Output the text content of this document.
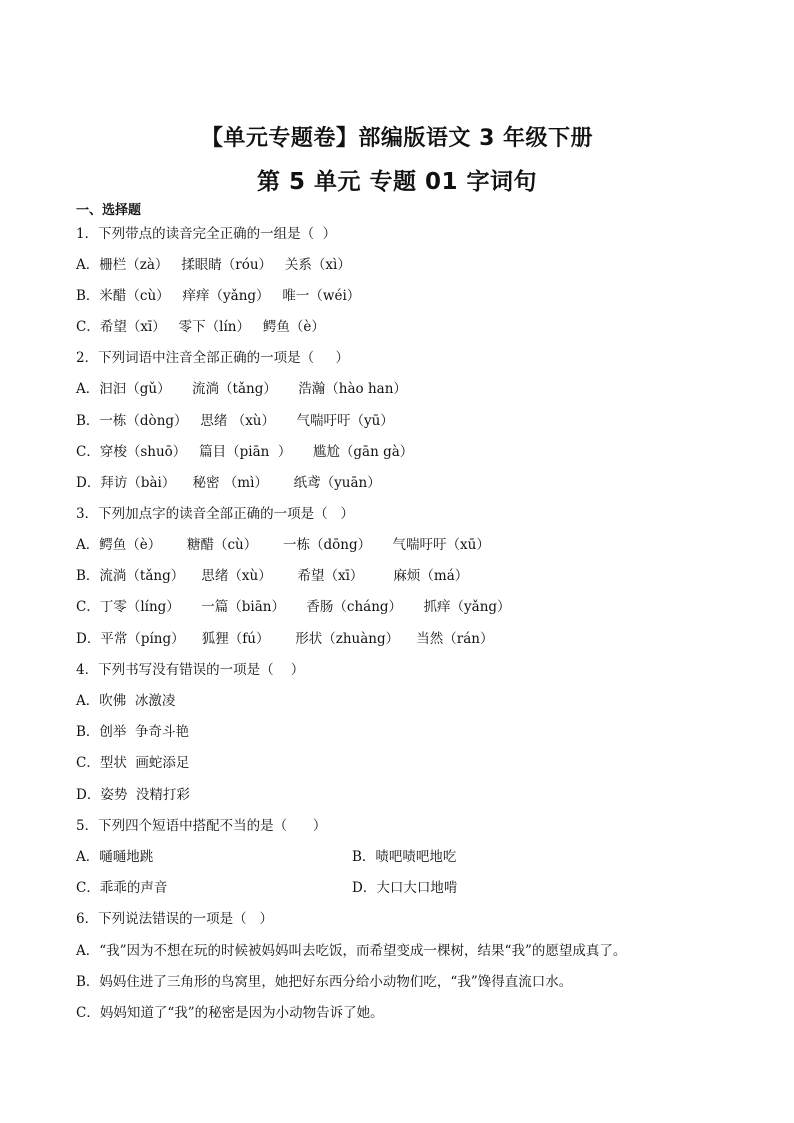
【单元专题卷】部编版语文 3 年级下册
第 5 单元 专题 01 字词句
一、选择题
1．下列带点的读音完全正确的一组是（  ）
A．栅栏（zà）   揉眼睛（róu）   关系（xì）
B．米醋（cù）   痒痒（yǎng）   唯一（wéi）
C．希望（xī）   零下（lín）   鳄鱼（è）
2．下列词语中注音全部正确的一项是（     ）
A．汩汩（gǔ）     流淌（tǎng）     浩瀚（hào han）
B．一栋（dòng）   思绪 （xù）     气喘吁吁（yū）
C．穿梭（shuō）   篇目（piān  ）     尴尬（gān gà）
D．拜访（bài）    秘密 （mì）      纸鸢（yuān）
3．下列加点字的读音全部正确的一项是（   ）
A．鳄鱼（è）      糖醋（cù）      一栋（dōng）     气喘吁吁（xū）
B．流淌（tǎng）    思绪（xù）      希望（xī）       麻烦（má）
C．丁零（líng）     一篇（biān）     香肠（cháng）     抓痒（yǎng）
D．平常（píng）    狐狸（fú）      形状（zhuàng）    当然（rán）
4．下列书写没有错误的一项是（    ）
A．吹佛  冰激凌
B．创举  争奇斗艳
C．型状  画蛇添足
D．姿势  没精打彩
5．下列四个短语中搭配不当的是（      ）
A．嗵嗵地跳	B．啧吧啧吧地吃
C．乖乖的声音	D．大口大口地啃
6．下列说法错误的一项是（   ）
A．“我”因为不想在玩的时候被妈妈叫去吃饭，而希望变成一棵树，结果“我”的愿望成真了。
B．妈妈住进了三角形的鸟窝里，她把好东西分给小动物们吃，“我”馋得直流口水。
C．妈妈知道了“我”的秘密是因为小动物告诉了她。
